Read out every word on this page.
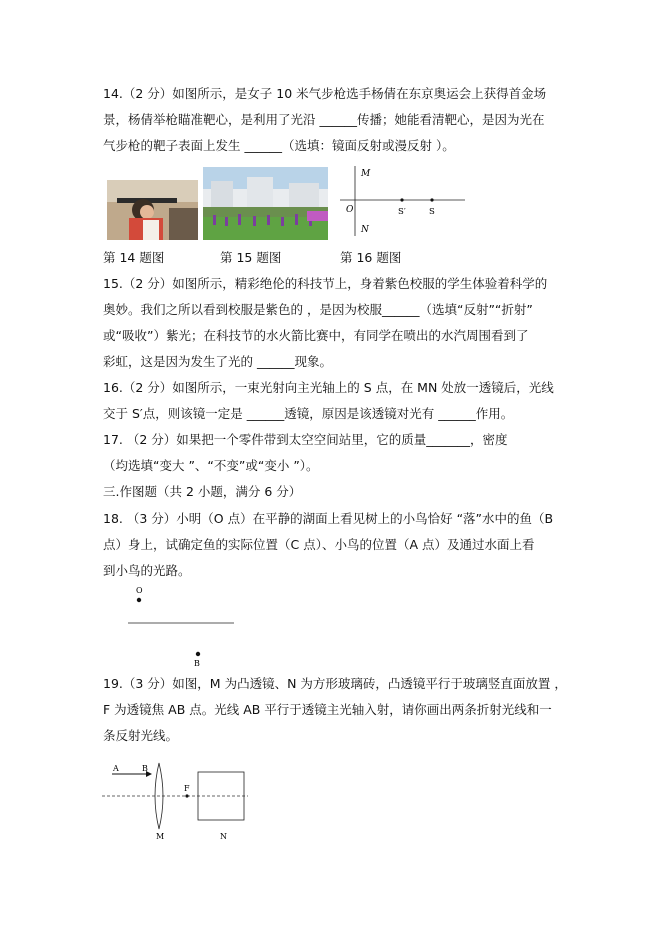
14.（2 分）如图所示，是女子 10 米气步枪选手杨倩在东京奥运会上获得首金场
景，杨倩举枪瞄准靶心，是利用了光沿 ______传播；她能看清靶心，是因为光在
气步枪的靶子表面上发生 ______（选填：镜面反射或漫反射 ）。
M
N
O	S′	S
第 14 题图	第 15 题图	第 16 题图
15.（2 分）如图所示，精彩绝伦的科技节上，身着紫色校服的学生体验着科学的
奥妙。我们之所以看到校服是紫色的 ，是因为校服______（选填“反射”“折射”
或“吸收”）紫光；在科技节的水火箭比赛中，有同学在喷出的水汽周围看到了
彩虹，这是因为发生了光的 ______现象。
16.（2 分）如图所示，一束光射向主光轴上的 S 点，在 MN 处放一透镜后，光线
交于 S′点，则该镜一定是 ______透镜，原因是该透镜对光有 ______作用。
17. （2 分）如果把一个零件带到太空空间站里，它的质量_______，密度
（均选填“变大 ”、“不变”或“变小 ”）。
三.作图题（共 2 小题，满分 6 分）
18. （3 分）小明（O 点）在平静的湖面上看见树上的小鸟恰好 “落”水中的鱼（B
点）身上，试确定鱼的实际位置（C 点）、小鸟的位置（A 点）及通过水面上看
到小鸟的光路。
O
B
19.（3 分）如图，M 为凸透镜、N 为方形玻璃砖，凸透镜平行于玻璃竖直面放置 ，
F 为透镜焦 AB 点。光线 AB 平行于透镜主光轴入射，请你画出两条折射光线和一
条反射光线。
A	B
F
M	N
